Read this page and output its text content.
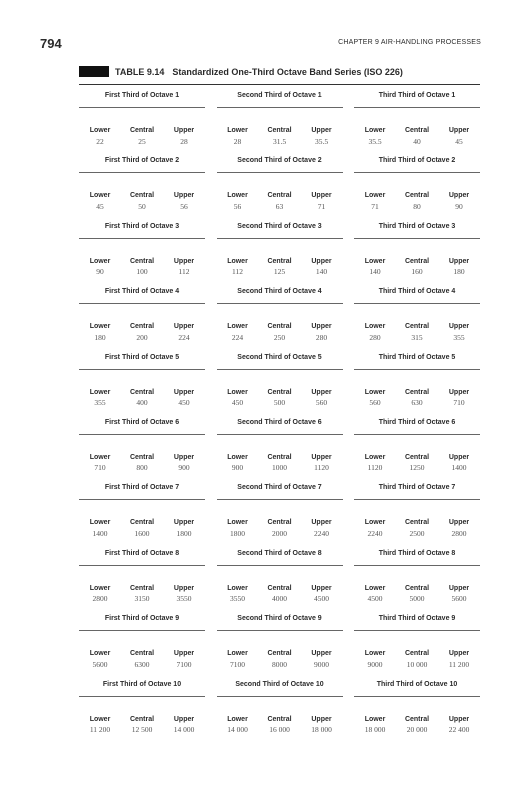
794	CHAPTER 9 AIR-HANDLING PROCESSES
TABLE 9.14 Standardized One-Third Octave Band Series (ISO 226)
First Third of Octave 1
Lower	Central	Upper
22	25	28
Second Third of Octave 1
Lower	Central	Upper
28	31.5	35.5
Third Third of Octave 1
Lower	Central	Upper
35.5	40	45
First Third of Octave 2
Lower	Central	Upper
45	50	56
Second Third of Octave 2
Lower	Central	Upper
56	63	71
Third Third of Octave 2
Lower	Central	Upper
71	80	90
First Third of Octave 3
Lower	Central	Upper
90	100	112
Second Third of Octave 3
Lower	Central	Upper
112	125	140
Third Third of Octave 3
Lower	Central	Upper
140	160	180
First Third of Octave 4
Lower	Central	Upper
180	200	224
Second Third of Octave 4
Lower	Central	Upper
224	250	280
Third Third of Octave 4
Lower	Central	Upper
280	315	355
First Third of Octave 5
Lower	Central	Upper
355	400	450
Second Third of Octave 5
Lower	Central	Upper
450	500	560
Third Third of Octave 5
Lower	Central	Upper
560	630	710
First Third of Octave 6
Lower	Central	Upper
710	800	900
Second Third of Octave 6
Lower	Central	Upper
900	1000	1120
Third Third of Octave 6
Lower	Central	Upper
1120	1250	1400
First Third of Octave 7
Lower	Central	Upper
1400	1600	1800
Second Third of Octave 7
Lower	Central	Upper
1800	2000	2240
Third Third of Octave 7
Lower	Central	Upper
2240	2500	2800
First Third of Octave 8
Lower	Central	Upper
2800	3150	3550
Second Third of Octave 8
Lower	Central	Upper
3550	4000	4500
Third Third of Octave 8
Lower	Central	Upper
4500	5000	5600
First Third of Octave 9
Lower	Central	Upper
5600	6300	7100
Second Third of Octave 9
Lower	Central	Upper
7100	8000	9000
Third Third of Octave 9
Lower	Central	Upper
9000	10 000	11 200
First Third of Octave 10
Lower	Central	Upper
11 200	12 500	14 000
Second Third of Octave 10
Lower	Central	Upper
14 000	16 000	18 000
Third Third of Octave 10
Lower	Central	Upper
18 000	20 000	22 400
